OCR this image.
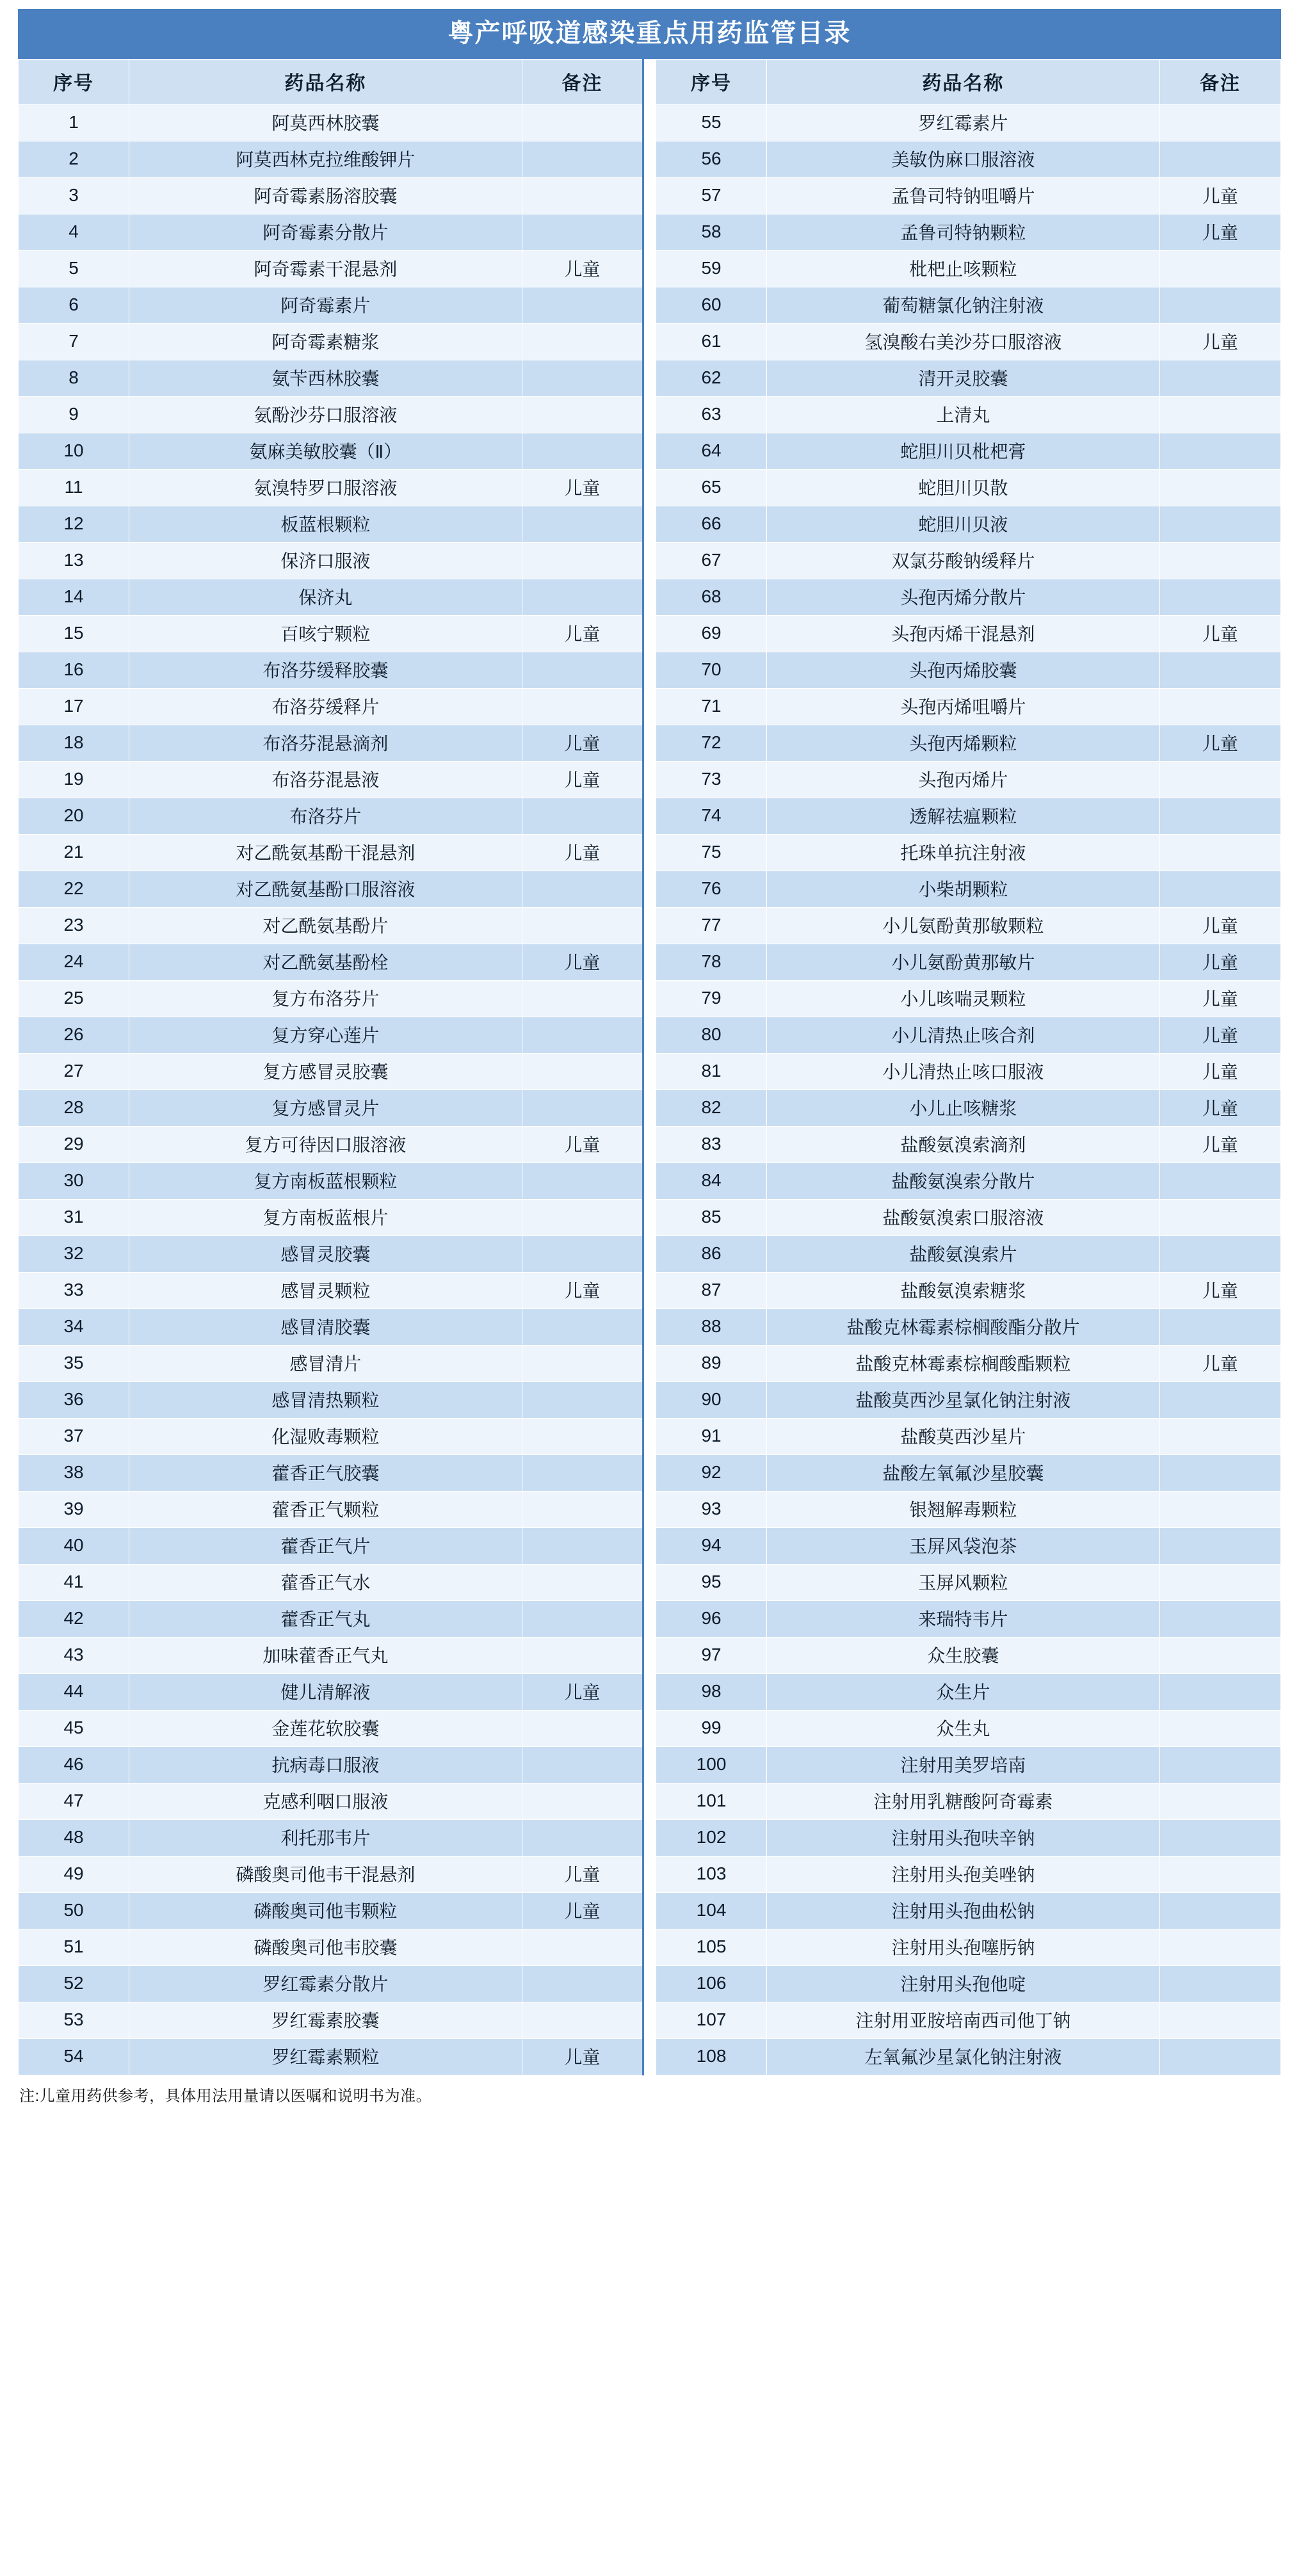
粤产呼吸道感染重点用药监管目录
序号	药品名称	备注		序号	药品名称	备注
1	阿莫西林胶囊			55	罗红霉素片	
2	阿莫西林克拉维酸钾片			56	美敏伪麻口服溶液	
3	阿奇霉素肠溶胶囊			57	孟鲁司特钠咀嚼片	儿童
4	阿奇霉素分散片			58	孟鲁司特钠颗粒	儿童
5	阿奇霉素干混悬剂	儿童		59	枇杷止咳颗粒	
6	阿奇霉素片			60	葡萄糖氯化钠注射液	
7	阿奇霉素糖浆			61	氢溴酸右美沙芬口服溶液	儿童
8	氨苄西林胶囊			62	清开灵胶囊	
9	氨酚沙芬口服溶液			63	上清丸	
10	氨麻美敏胶囊（Ⅱ）			64	蛇胆川贝枇杷膏	
11	氨溴特罗口服溶液	儿童		65	蛇胆川贝散	
12	板蓝根颗粒			66	蛇胆川贝液	
13	保济口服液			67	双氯芬酸钠缓释片	
14	保济丸			68	头孢丙烯分散片	
15	百咳宁颗粒	儿童		69	头孢丙烯干混悬剂	儿童
16	布洛芬缓释胶囊			70	头孢丙烯胶囊	
17	布洛芬缓释片			71	头孢丙烯咀嚼片	
18	布洛芬混悬滴剂	儿童		72	头孢丙烯颗粒	儿童
19	布洛芬混悬液	儿童		73	头孢丙烯片	
20	布洛芬片			74	透解祛瘟颗粒	
21	对乙酰氨基酚干混悬剂	儿童		75	托珠单抗注射液	
22	对乙酰氨基酚口服溶液			76	小柴胡颗粒	
23	对乙酰氨基酚片			77	小儿氨酚黄那敏颗粒	儿童
24	对乙酰氨基酚栓	儿童		78	小儿氨酚黄那敏片	儿童
25	复方布洛芬片			79	小儿咳喘灵颗粒	儿童
26	复方穿心莲片			80	小儿清热止咳合剂	儿童
27	复方感冒灵胶囊			81	小儿清热止咳口服液	儿童
28	复方感冒灵片			82	小儿止咳糖浆	儿童
29	复方可待因口服溶液	儿童		83	盐酸氨溴索滴剂	儿童
30	复方南板蓝根颗粒			84	盐酸氨溴索分散片	
31	复方南板蓝根片			85	盐酸氨溴索口服溶液	
32	感冒灵胶囊			86	盐酸氨溴索片	
33	感冒灵颗粒	儿童		87	盐酸氨溴索糖浆	儿童
34	感冒清胶囊			88	盐酸克林霉素棕榈酸酯分散片	
35	感冒清片			89	盐酸克林霉素棕榈酸酯颗粒	儿童
36	感冒清热颗粒			90	盐酸莫西沙星氯化钠注射液	
37	化湿败毒颗粒			91	盐酸莫西沙星片	
38	藿香正气胶囊			92	盐酸左氧氟沙星胶囊	
39	藿香正气颗粒			93	银翘解毒颗粒	
40	藿香正气片			94	玉屏风袋泡茶	
41	藿香正气水			95	玉屏风颗粒	
42	藿香正气丸			96	来瑞特韦片	
43	加味藿香正气丸			97	众生胶囊	
44	健儿清解液	儿童		98	众生片	
45	金莲花软胶囊			99	众生丸	
46	抗病毒口服液			100	注射用美罗培南	
47	克感利咽口服液			101	注射用乳糖酸阿奇霉素	
48	利托那韦片			102	注射用头孢呋辛钠	
49	磷酸奥司他韦干混悬剂	儿童		103	注射用头孢美唑钠	
50	磷酸奥司他韦颗粒	儿童		104	注射用头孢曲松钠	
51	磷酸奥司他韦胶囊			105	注射用头孢噻肟钠	
52	罗红霉素分散片			106	注射用头孢他啶	
53	罗红霉素胶囊			107	注射用亚胺培南西司他丁钠	
54	罗红霉素颗粒	儿童		108	左氧氟沙星氯化钠注射液	
注:儿童用药供参考，具体用法用量请以医嘱和说明书为准。
